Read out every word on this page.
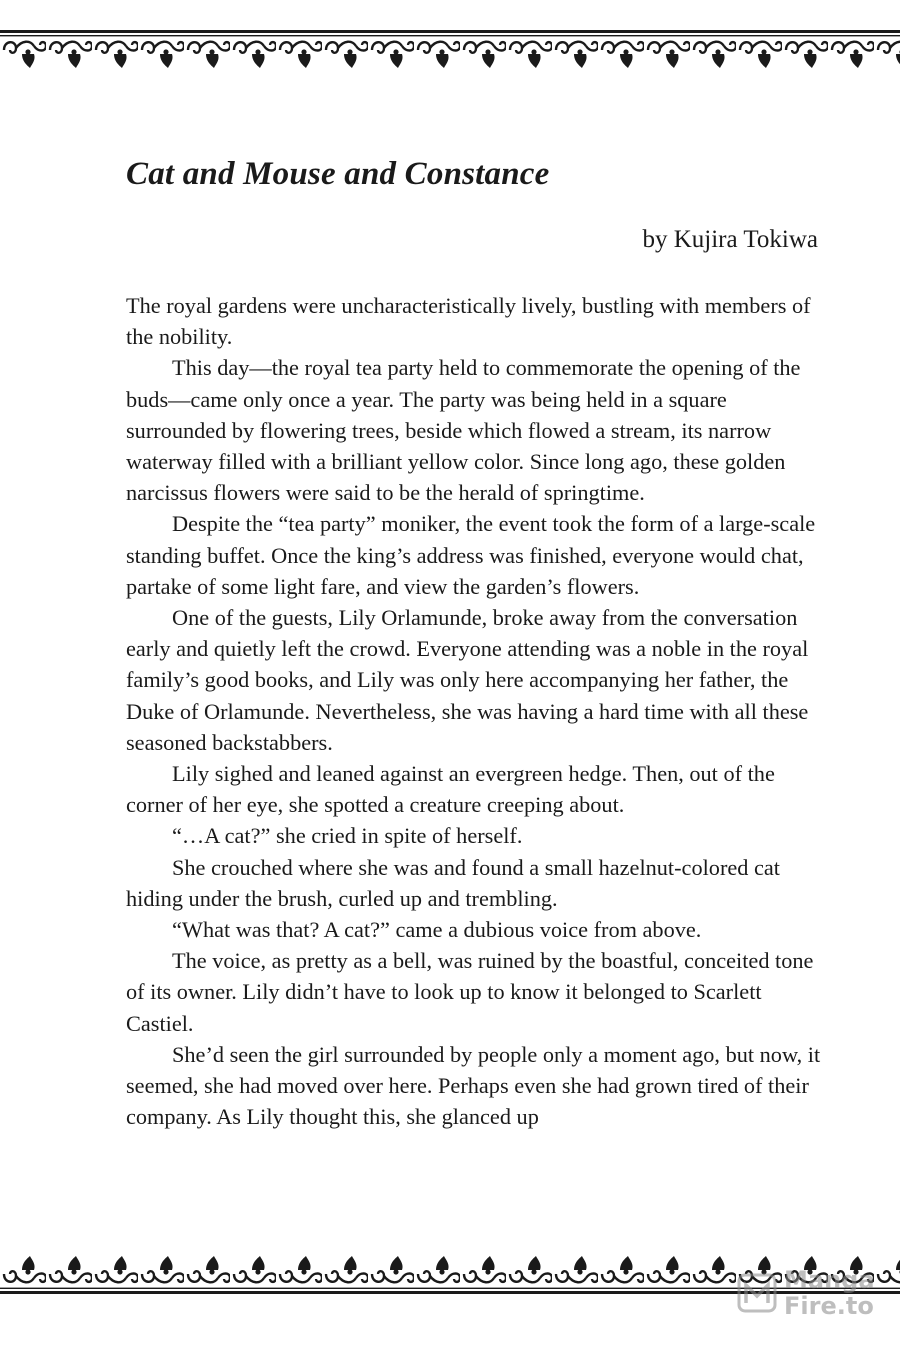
Cat and Mouse and Constance
by Kujira Tokiwa

The royal gardens were uncharacteristically lively, bustling with members of the nobility.

This day—the royal tea party held to commemorate the opening of the buds—came only once a year. The party was being held in a square surrounded by flowering trees, beside which flowed a stream, its narrow waterway filled with a brilliant yellow color. Since long ago, these golden narcissus flowers were said to be the herald of springtime.

Despite the “tea party” moniker, the event took the form of a large-scale standing buffet. Once the king’s address was finished, everyone would chat, partake of some light fare, and view the garden’s flowers.

One of the guests, Lily Orlamunde, broke away from the conversation early and quietly left the crowd. Everyone attending was a noble in the royal family’s good books, and Lily was only here accompanying her father, the Duke of Orlamunde. Nevertheless, she was having a hard time with all these seasoned backstabbers.

Lily sighed and leaned against an evergreen hedge. Then, out of the corner of her eye, she spotted a creature creeping about.

“…A cat?” she cried in spite of herself.

She crouched where she was and found a small hazelnut-colored cat hiding under the brush, curled up and trembling.

“What was that? A cat?” came a dubious voice from above.

The voice, as pretty as a bell, was ruined by the boastful, conceited tone of its owner. Lily didn’t have to look up to know it belonged to Scarlett Castiel.

She’d seen the girl surrounded by people only a moment ago, but now, it seemed, she had moved over here. Perhaps even she had grown tired of their company. As Lily thought this, she glanced up

Manga
Fire.to
